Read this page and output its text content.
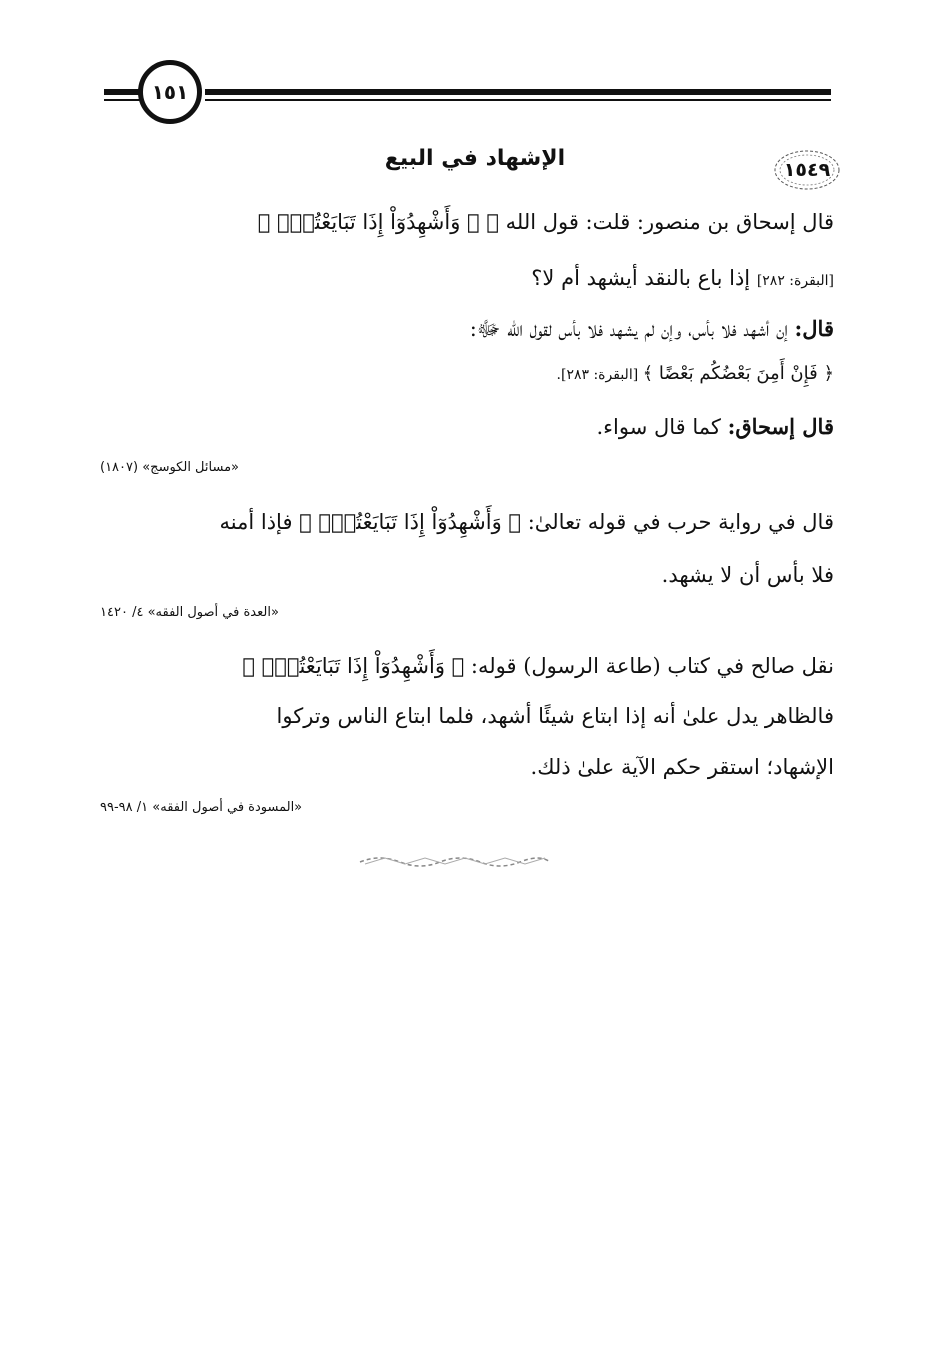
١٥١
١٥٤٩
الإشهاد في البيع
قال إسحاق بن منصور: قلت: قول الله ﷻ ﴿ وَأَشْهِدُوٓاْ إِذَا تَبَايَعْتُمْۚ ﴾
[البقرة: ٢٨٢] إذا باع بالنقد أيشهد أم لا؟
قال: إن أشهد فلا بأس، وإن لم يشهد فلا بأس لقول الله ﷻ:
﴿ فَإِنْ أَمِنَ بَعْضُكُم بَعْضًا ﴾ [البقرة: ٢٨٣].
قال إسحاق: كما قال سواء.
«مسائل الكوسج» (١٨٠٧)
قال في رواية حرب في قوله تعالىٰ: ﴿ وَأَشْهِدُوٓاْ إِذَا تَبَايَعْتُمْۚ ﴾ فإذا أمنه
فلا بأس أن لا يشهد.
«العدة في أصول الفقه» ٤/ ١٤٢٠
نقل صالح في كتاب (طاعة الرسول) قوله: ﴿ وَأَشْهِدُوٓاْ إِذَا تَبَايَعْتُمْۚ ﴾
فالظاهر يدل علىٰ أنه إذا ابتاع شيئًا أشهد، فلما ابتاع الناس وتركوا
الإشهاد؛ استقر حكم الآية علىٰ ذلك.
«المسودة في أصول الفقه» ١/ ٩٨-٩٩
